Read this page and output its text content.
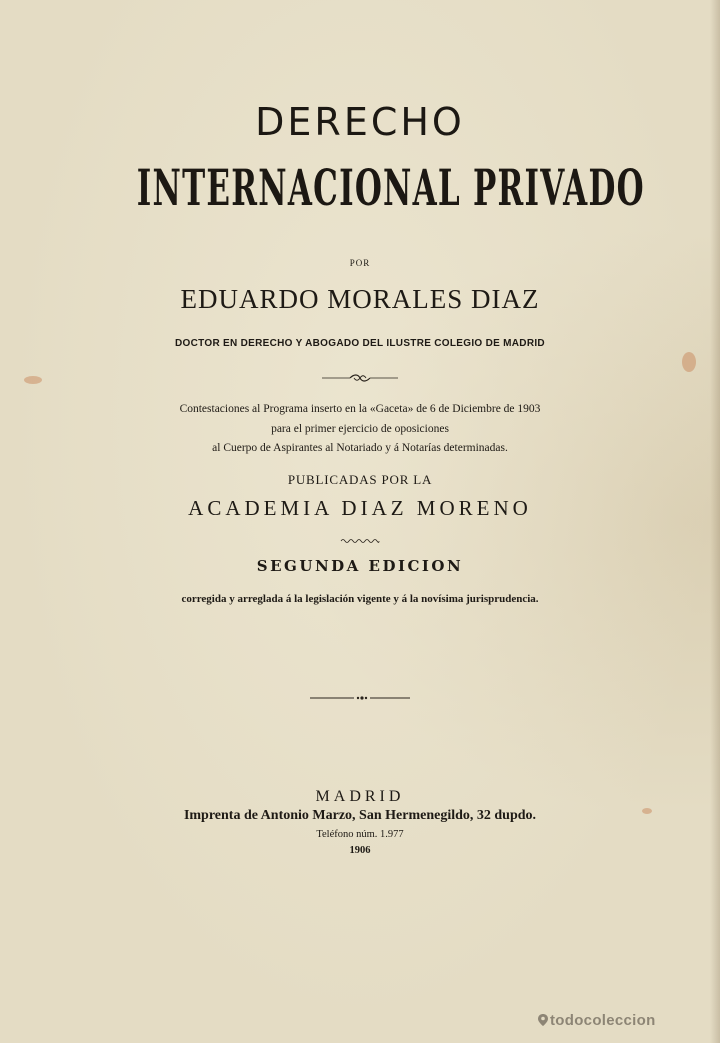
DERECHO
INTERNACIONAL PRIVADO
POR
EDUARDO MORALES DIAZ
DOCTOR EN DERECHO Y ABOGADO DEL ILUSTRE COLEGIO DE MADRID
Contestaciones al Programa inserto en la «Gaceta» de 6 de Diciembre de 1903
para el primer ejercicio de oposiciones
al Cuerpo de Aspirantes al Notariado y á Notarías determinadas.
PUBLICADAS POR LA
ACADEMIA DIAZ MORENO
SEGUNDA EDICION
corregida y arreglada á la legislación vigente y á la novísima jurisprudencia.
MADRID
Imprenta de Antonio Marzo, San Hermenegildo, 32 dupdo.
Teléfono núm. 1.977
1906
todocoleccion
